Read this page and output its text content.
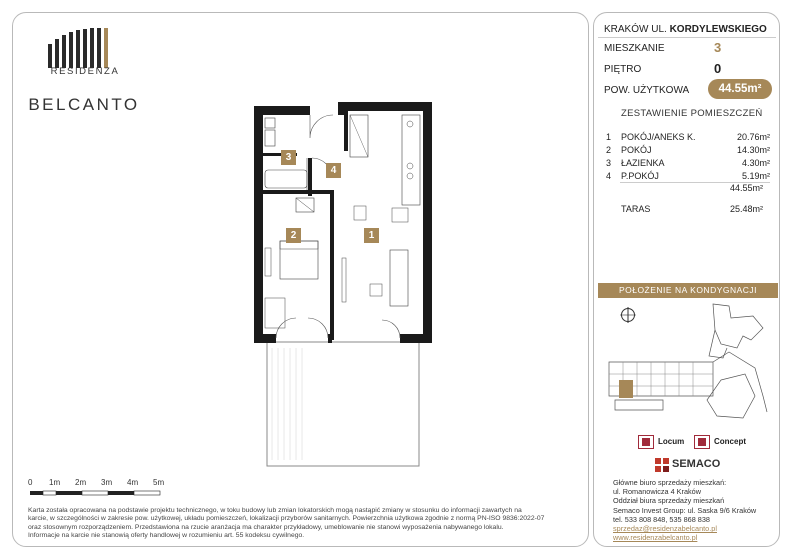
RESIDENZA
BELCANTO
3
4
2	1
0 1m 2m 3m 4m 5m
Karta została opracowana na podstawie projektu technicznego, w toku budowy lub zmian lokatorskich mogą nastąpić zmiany w stosunku do informacji zawartych na
karcie, w szczególności w zakresie pow. użytkowej, układu pomieszczeń, lokalizacji przyborów sanitarnych. Powierzchnia użytkowa zgodnie z normą PN-ISO 9836:2022-07
oraz stosownym rozporządzeniem. Przedstawiona na rzucie aranżacja ma charakter przykładowy, umeblowanie nie stanowi wyposażenia nabywanego lokalu.
Informacje na karcie nie stanowią oferty handlowej w rozumieniu art. 55 kodeksu cywilnego.
KRAKÓW UL. KORDYLEWSKIEGO
MIESZKANIE	3
PIĘTRO	0
POW. UŻYTKOWA	44.55m²
ZESTAWIENIE POMIESZCZEŃ
1 POKÓJ/ANEKS K.	20.76m²
2 POKÓJ	14.30m²
3 ŁAZIENKA	4.30m²
4 P.POKÓJ	5.19m²
44.55m²
TARAS	25.48m²
POŁOŻENIE NA KONDYGNACJI
Locum	Concept
SEMACO
Główne biuro sprzedaży mieszkań:
ul. Romanowicza 4 Kraków
Oddział biura sprzedaży mieszkań
Semaco Invest Group: ul. Saska 9/6 Kraków
tel. 533 808 848, 535 868 838
sprzedaz@residenzabelcanto.pl
www.residenzabelcanto.pl
